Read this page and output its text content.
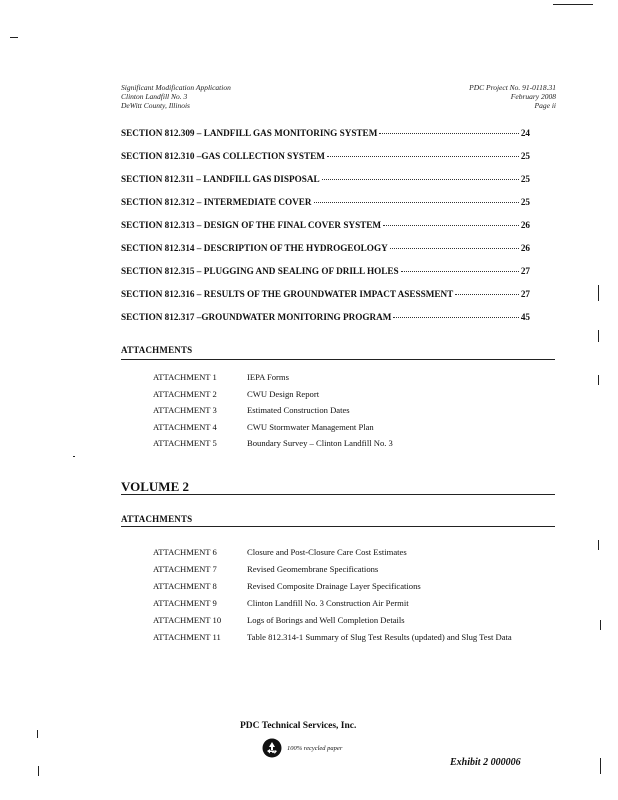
Significant Modification Application
Clinton Landfill No. 3
DeWitt County, Illinois
PDC Project No. 91-0118.31
February 2008
Page ii
SECTION 812.309 – LANDFILL GAS MONITORING SYSTEM	24
SECTION 812.310 –GAS COLLECTION SYSTEM	25
SECTION 812.311 – LANDFILL GAS DISPOSAL	25
SECTION 812.312 – INTERMEDIATE COVER	25
SECTION 812.313 – DESIGN OF THE FINAL COVER SYSTEM	26
SECTION 812.314 – DESCRIPTION OF THE HYDROGEOLOGY	26
SECTION 812.315 – PLUGGING AND SEALING OF DRILL HOLES	27
SECTION 812.316 – RESULTS OF THE GROUNDWATER IMPACT ASESSMENT	27
SECTION 812.317 –GROUNDWATER MONITORING PROGRAM	45
ATTACHMENTS
ATTACHMENT 1	IEPA Forms
ATTACHMENT 2	CWU Design Report
ATTACHMENT 3	Estimated Construction Dates
ATTACHMENT 4	CWU Stormwater Management Plan
ATTACHMENT 5	Boundary Survey – Clinton Landfill No. 3
VOLUME 2
ATTACHMENTS
ATTACHMENT 6	Closure and Post-Closure Care Cost Estimates
ATTACHMENT 7	Revised Geomembrane Specifications
ATTACHMENT 8	Revised Composite Drainage Layer Specifications
ATTACHMENT 9	Clinton Landfill No. 3 Construction Air Permit
ATTACHMENT 10	Logs of Borings and Well Completion Details
ATTACHMENT 11	Table 812.314-1 Summary of Slug Test Results (updated) and Slug Test Data
PDC Technical Services, Inc.
100% recycled paper
Exhibit 2 000006
